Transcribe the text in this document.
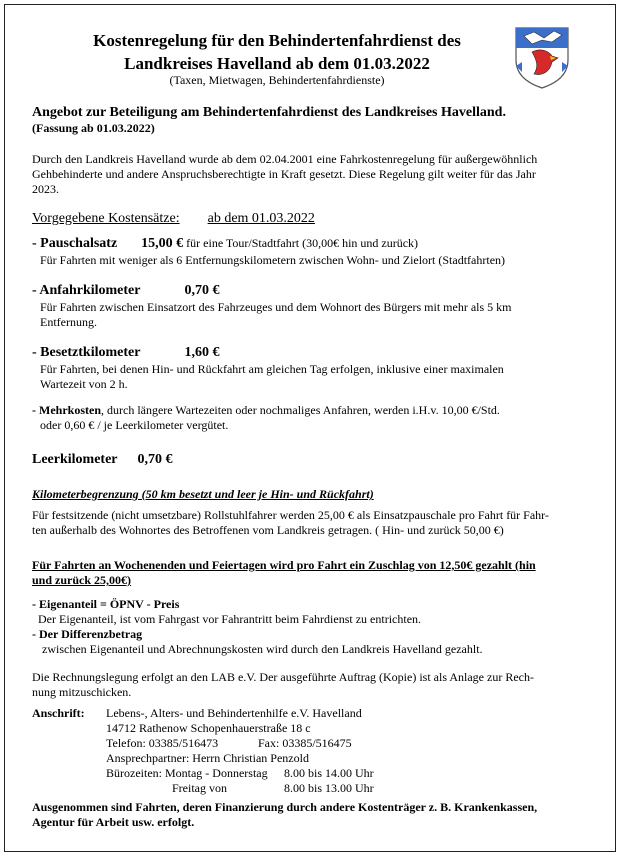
Kostenregelung für den Behindertenfahrdienst des
Landkreises Havelland ab dem 01.03.2022
(Taxen, Mietwagen, Behindertenfahrdienste)
Angebot zur Beteiligung am Behindertenfahrdienst des Landkreises Havelland.
(Fassung ab 01.03.2022)
Durch den Landkreis Havelland wurde ab dem 02.04.2001 eine Fahrkostenregelung für außergewöhnlich
Gehbehinderte und andere Anspruchsberechtigte in Kraft gesetzt. Diese Regelung gilt weiter für das Jahr
2023.
Vorgegebene Kostensätze: ab dem 01.03.2022
- Pauschalsatz 15,00 € für eine Tour/Stadtfahrt (30,00€ hin und zurück)
Für Fahrten mit weniger als 6 Entfernungskilometern zwischen Wohn- und Zielort (Stadtfahrten)
- Anfahrkilometer	0,70 €
Für Fahrten zwischen Einsatzort des Fahrzeuges und dem Wohnort des Bürgers mit mehr als 5 km
Entfernung.
- Besetztkilometer	1,60 €
Für Fahrten, bei denen Hin- und Rückfahrt am gleichen Tag erfolgen, inklusive einer maximalen
Wartezeit von 2 h.
- Mehrkosten, durch längere Wartezeiten oder nochmaliges Anfahren, werden i.H.v. 10,00 €/Std.
oder 0,60 € / je Leerkilometer vergütet.
Leerkilometer 0,70 €
Kilometerbegrenzung (50 km besetzt und leer je Hin- und Rückfahrt)
Für festsitzende (nicht umsetzbare) Rollstuhlfahrer werden 25,00 € als Einsatzpauschale pro Fahrt für Fahr-
ten außerhalb des Wohnortes des Betroffenen vom Landkreis getragen. ( Hin- und zurück 50,00 €)
Für Fahrten an Wochenenden und Feiertagen wird pro Fahrt ein Zuschlag von 12,50€ gezahlt (hin
und zurück 25,00€)
- Eigenanteil = ÖPNV - Preis
Der Eigenanteil, ist vom Fahrgast vor Fahrantritt beim Fahrdienst zu entrichten.
- Der Differenzbetrag
zwischen Eigenanteil und Abrechnungskosten wird durch den Landkreis Havelland gezahlt.
Die Rechnungslegung erfolgt an den LAB e.V. Der ausgeführte Auftrag (Kopie) ist als Anlage zur Rech-
nung mitzuschicken.
Anschrift: Lebens-, Alters- und Behindertenhilfe e.V. Havelland
14712 Rathenow Schopenhauerstraße 18 c
Telefon: 03385/516473	Fax: 03385/516475
Ansprechpartner: Herrn Christian Penzold
Bürozeiten: Montag - Donnerstag 8.00 bis 14.00 Uhr
Freitag von	8.00 bis 13.00 Uhr
Ausgenommen sind Fahrten, deren Finanzierung durch andere Kostenträger z. B. Krankenkassen,
Agentur für Arbeit usw. erfolgt.
